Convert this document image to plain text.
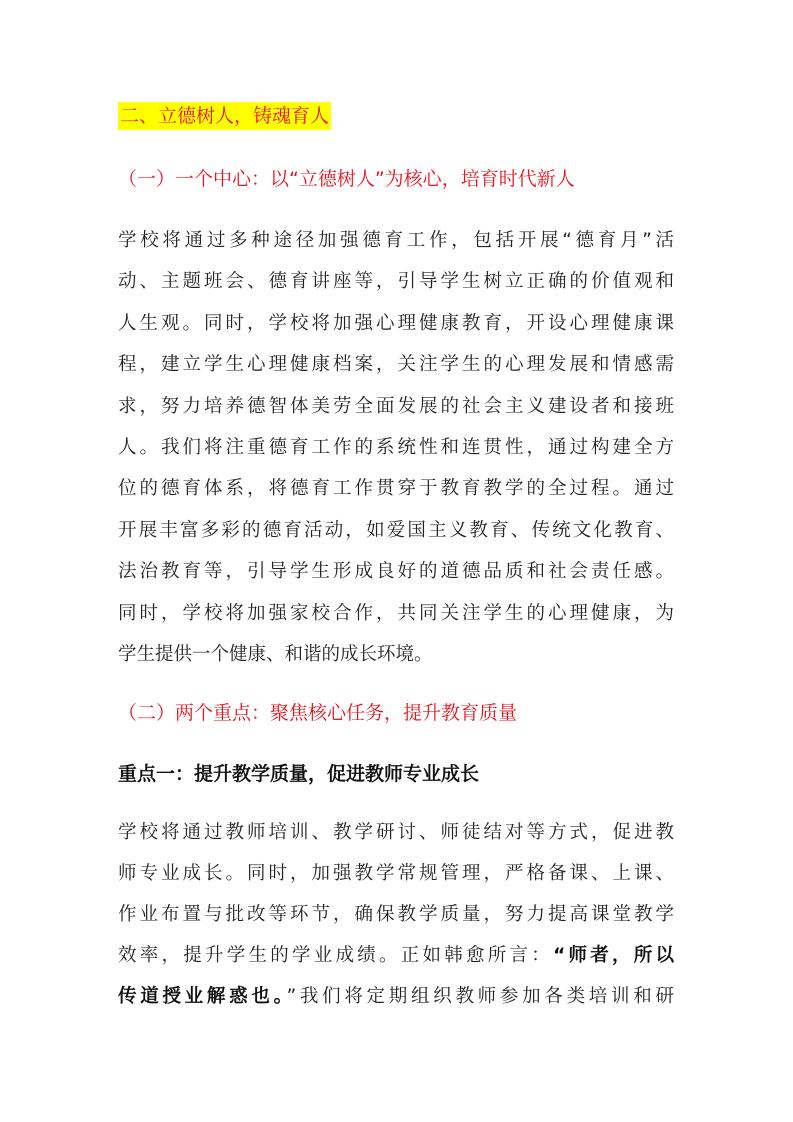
二、立德树人，铸魂育人
（一）一个中心：以“立德树人”为核心，培育时代新人
学校将通过多种途径加强德育工作，包括开展“德育月”活
动、主题班会、德育讲座等，引导学生树立正确的价值观和
人生观。同时，学校将加强心理健康教育，开设心理健康课
程，建立学生心理健康档案，关注学生的心理发展和情感需
求，努力培养德智体美劳全面发展的社会主义建设者和接班
人。我们将注重德育工作的系统性和连贯性，通过构建全方
位的德育体系，将德育工作贯穿于教育教学的全过程。通过
开展丰富多彩的德育活动，如爱国主义教育、传统文化教育、
法治教育等，引导学生形成良好的道德品质和社会责任感。
同时，学校将加强家校合作，共同关注学生的心理健康，为
学生提供一个健康、和谐的成长环境。
（二）两个重点：聚焦核心任务，提升教育质量
重点一：提升教学质量，促进教师专业成长
学校将通过教师培训、教学研讨、师徒结对等方式，促进教
师专业成长。同时，加强教学常规管理，严格备课、上课、
作业布置与批改等环节，确保教学质量，努力提高课堂教学
效率，提升学生的学业成绩。正如韩愈所言：“师者，所以
传道授业解惑也。”我们将定期组织教师参加各类培训和研
